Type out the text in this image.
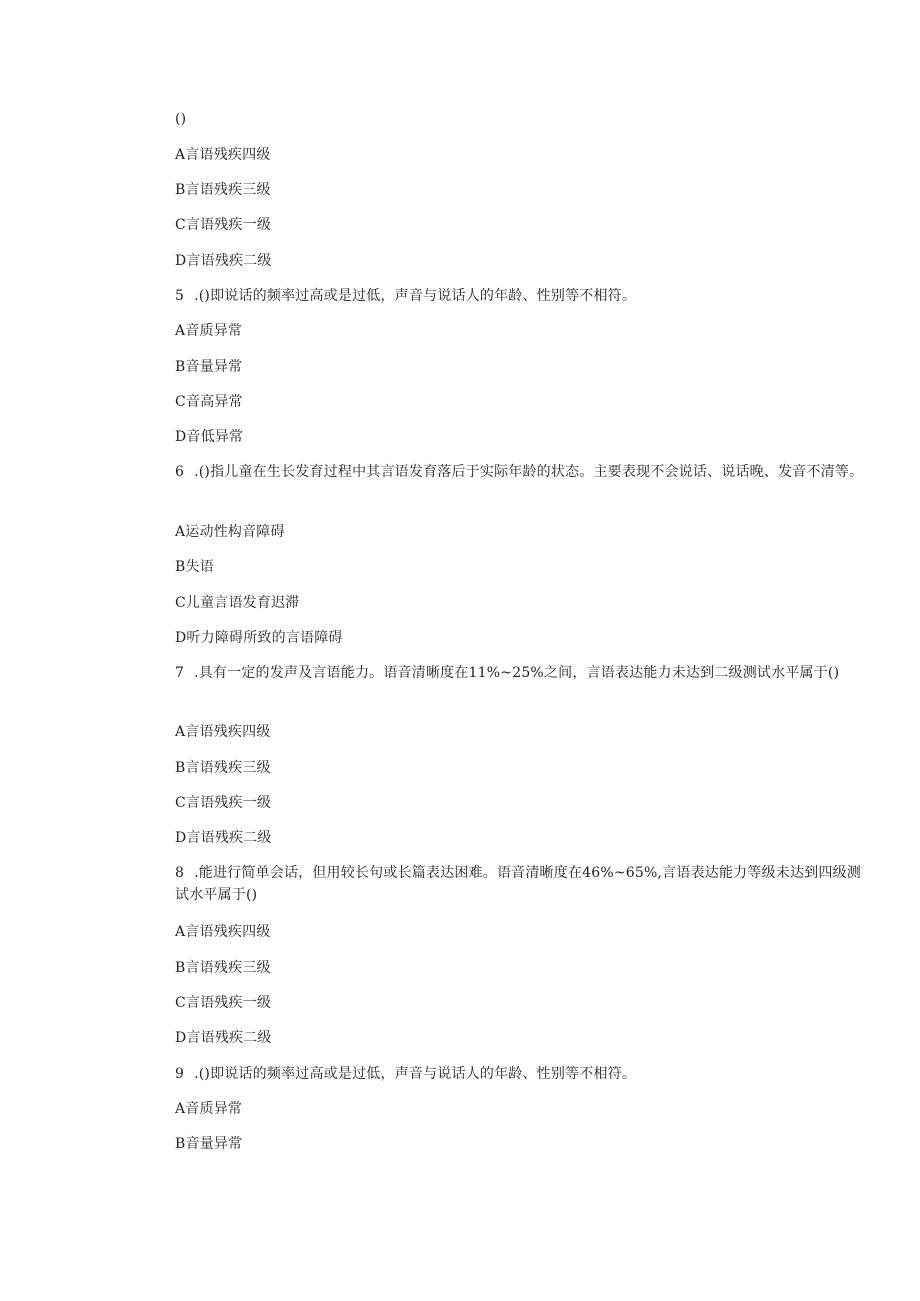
()
A言语残疾四级
B言语残疾三级
C言语残疾一级
D言语残疾二级
5 .()即说话的频率过高或是过低，声音与说话人的年龄、性别等不相符。
A音质异常
B音量异常
C音高异常
D音低异常
6 .()指儿童在生长发育过程中其言语发育落后于实际年龄的状态。主要表现不会说话、说话晚、发音不清等。
A运动性构音障碍
B失语
C儿童言语发育迟滞
D听力障碍所致的言语障碍
7 .具有一定的发声及言语能力。语音清晰度在11%~25%之间，言语表达能力未达到二级测试水平属于()
A言语残疾四级
B言语残疾三级
C言语残疾一级
D言语残疾二级
8 .能进行简单会话，但用较长句或长篇表达困难。语音清晰度在46%~65%,言语表达能力等级未达到四级测试水平属于()
A言语残疾四级
B言语残疾三级
C言语残疾一级
D言语残疾二级
9 .()即说话的频率过高或是过低，声音与说话人的年龄、性别等不相符。
A音质异常
B音量异常
